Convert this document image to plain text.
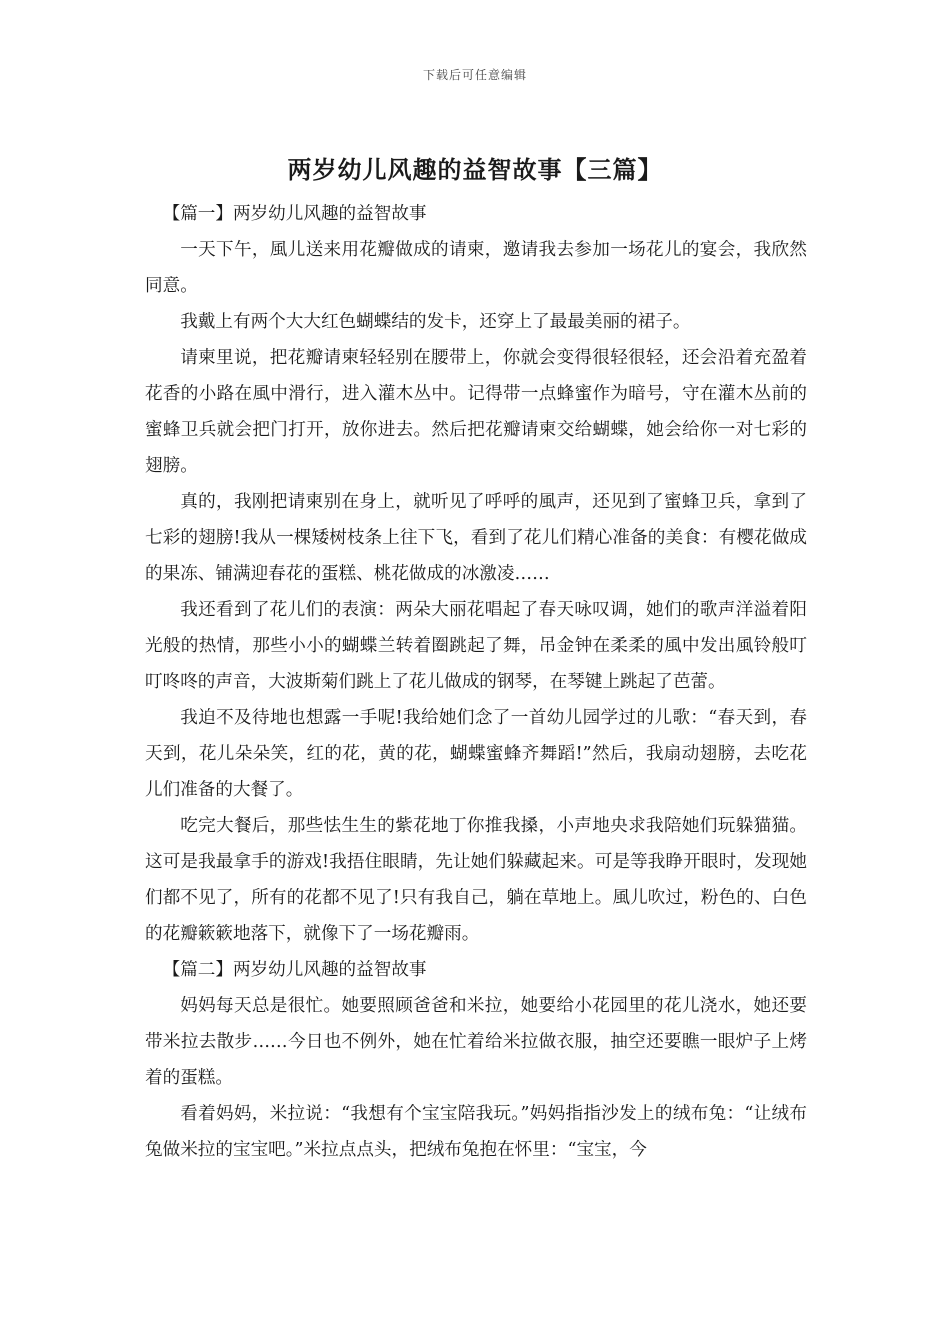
下载后可任意编辑
两岁幼儿风趣的益智故事【三篇】

【篇一】两岁幼儿风趣的益智故事

一天下午，風儿送来用花瓣做成的请柬，邀请我去参加一场花儿的宴会，我欣然同意。

我戴上有两个大大红色蝴蝶结的发卡，还穿上了最最美丽的裙子。

请柬里说，把花瓣请柬轻轻别在腰带上，你就会变得很轻很轻，还会沿着充盈着花香的小路在風中滑行，进入灌木丛中。记得带一点蜂蜜作为暗号，守在灌木丛前的蜜蜂卫兵就会把门打开，放你进去。然后把花瓣请柬交给蝴蝶，她会给你一对七彩的翅膀。

真的，我刚把请柬别在身上，就听见了呼呼的風声，还见到了蜜蜂卫兵，拿到了七彩的翅膀!我从一棵矮树枝条上往下飞，看到了花儿们精心准备的美食：有樱花做成的果冻、铺满迎春花的蛋糕、桃花做成的冰激凌……

我还看到了花儿们的表演：两朵大丽花唱起了春天咏叹调，她们的歌声洋溢着阳光般的热情，那些小小的蝴蝶兰转着圈跳起了舞，吊金钟在柔柔的風中发出風铃般叮叮咚咚的声音，大波斯菊们跳上了花儿做成的钢琴，在琴键上跳起了芭蕾。

我迫不及待地也想露一手呢!我给她们念了一首幼儿园学过的儿歌：“春天到，春天到，花儿朵朵笑，红的花，黄的花，蝴蝶蜜蜂齐舞蹈!”然后，我扇动翅膀，去吃花儿们准备的大餐了。

吃完大餐后，那些怯生生的紫花地丁你推我搡，小声地央求我陪她们玩躲猫猫。这可是我最拿手的游戏!我捂住眼睛，先让她们躲藏起来。可是等我睁开眼时，发现她们都不见了，所有的花都不见了!只有我自己，躺在草地上。風儿吹过，粉色的、白色的花瓣簌簌地落下，就像下了一场花瓣雨。

【篇二】两岁幼儿风趣的益智故事

妈妈每天总是很忙。她要照顾爸爸和米拉，她要给小花园里的花儿浇水，她还要带米拉去散步……今日也不例外，她在忙着给米拉做衣服，抽空还要瞧一眼炉子上烤着的蛋糕。

看着妈妈，米拉说：“我想有个宝宝陪我玩。”妈妈指指沙发上的绒布兔：“让绒布兔做米拉的宝宝吧。”米拉点点头，把绒布兔抱在怀里：“宝宝，今
